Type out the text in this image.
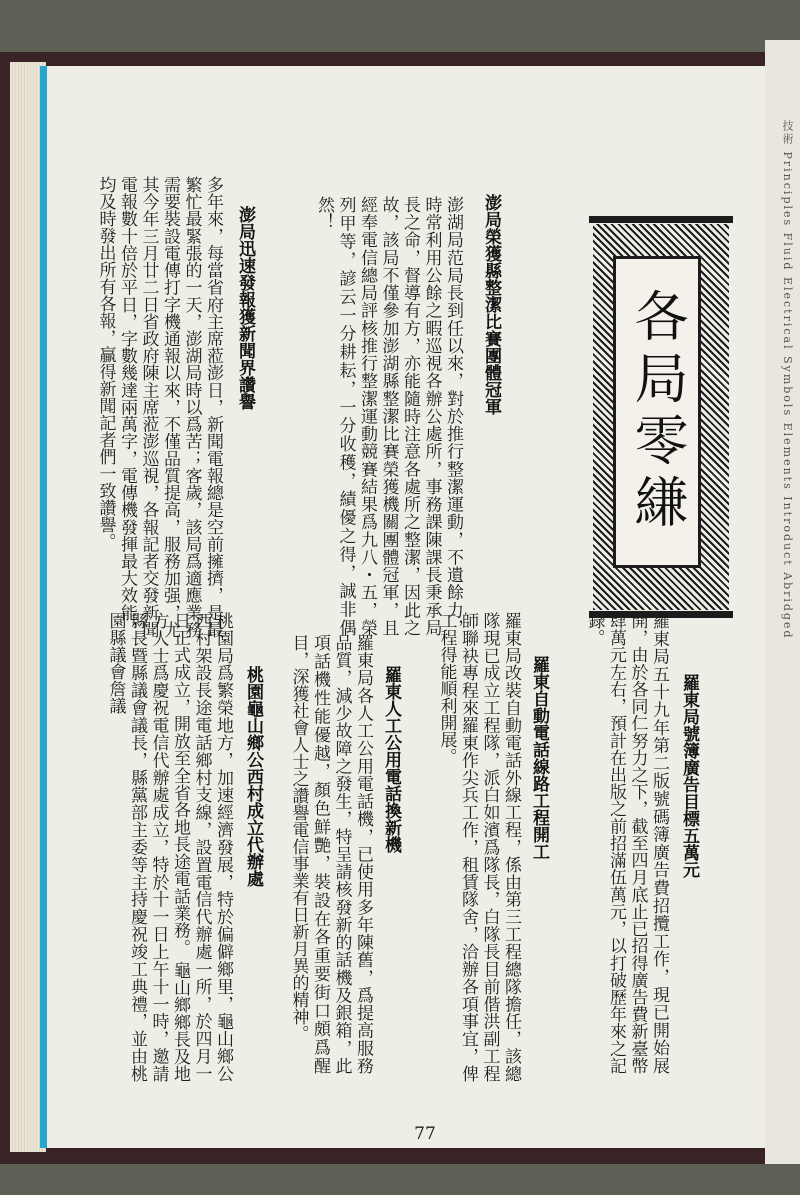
技術 Principles Fluid Electrical Symbols Elements Introduct Abridged
各局零縑
澎局榮獲縣整潔比賽團體冠軍

澎湖局范局長到任以來，對於推行整潔運動，不遺餘力，時常利用公餘之暇巡視各辦公處所，事務課陳課長秉承局長之命，督導有方，亦能隨時注意各處所之整潔，因此之故，該局不僅參加澎湖縣整潔比賽榮獲機關團體冠軍，且經奉電信總局評核推行整潔運動競賽結果爲九八・五，榮列甲等，諺云一分耕耘，一分收穫，績優之得，誠非偶然！

澎局迅速發報獲新聞界讚譽

多年來，每當省府主席蒞澎日，新聞電報總是空前擁擠，是最繁忙最緊張的一天，澎湖局時以爲苦；客歲，該局爲適應業務需要裝設電傳打字機通報以來，不僅品質提高，服務加强，尤其今年三月廿二日省政府陳主席蒞澎巡視，各報記者交發新聞電報數十倍於平日，字數幾達兩萬字，電傳機發揮最大效能，均及時發出所有各報，贏得新聞記者們一致讚譽。

羅東局號簿廣告目標五萬元

羅東局五十九年第二版號碼簿廣告費招攬工作，現已開始展開，由於各同仁努力之下，截至四月底止已招得廣告費新臺幣肆萬元左右，預計在出版之前招滿伍萬元，以打破歷年來之記錄。

羅東自動電話線路工程開工

羅東局改裝自動電話外線工程，係由第三工程總隊擔任，該總隊現已成立工程隊，派白如濱爲隊長，白隊長目前偕洪副工程師聯袂專程來羅東作尖兵工作，租賃隊舍，洽辦各項事宜，俾工程得能順利開展。

羅東人工公用電話換新機

羅東局各人工公用電話機，已使用多年陳舊，爲提高服務品質，減少故障之發生，特呈請核發新的話機及銀箱，此項話機性能優越，顏色鮮艷，裝設在各重要街口頗爲醒目，深獲社會人士之讚譽電信事業有日新月異的精神。

桃園龜山鄉公西村成立代辦處

桃園局爲繁榮地方，加速經濟發展，特於偏僻鄉里，龜山鄉公西村架設長途電話鄉村支線，設置電信代辦處一所，於四月一日正式成立，開放至全省各地長途電話業務。 龜山鄉鄉長及地方人士爲慶祝電信代辦處成立，特於十一日上午十一時，邀請縣長暨縣議會議長，縣黨部主委等主持慶祝竣工典禮，並由桃園縣議會詹議

77
